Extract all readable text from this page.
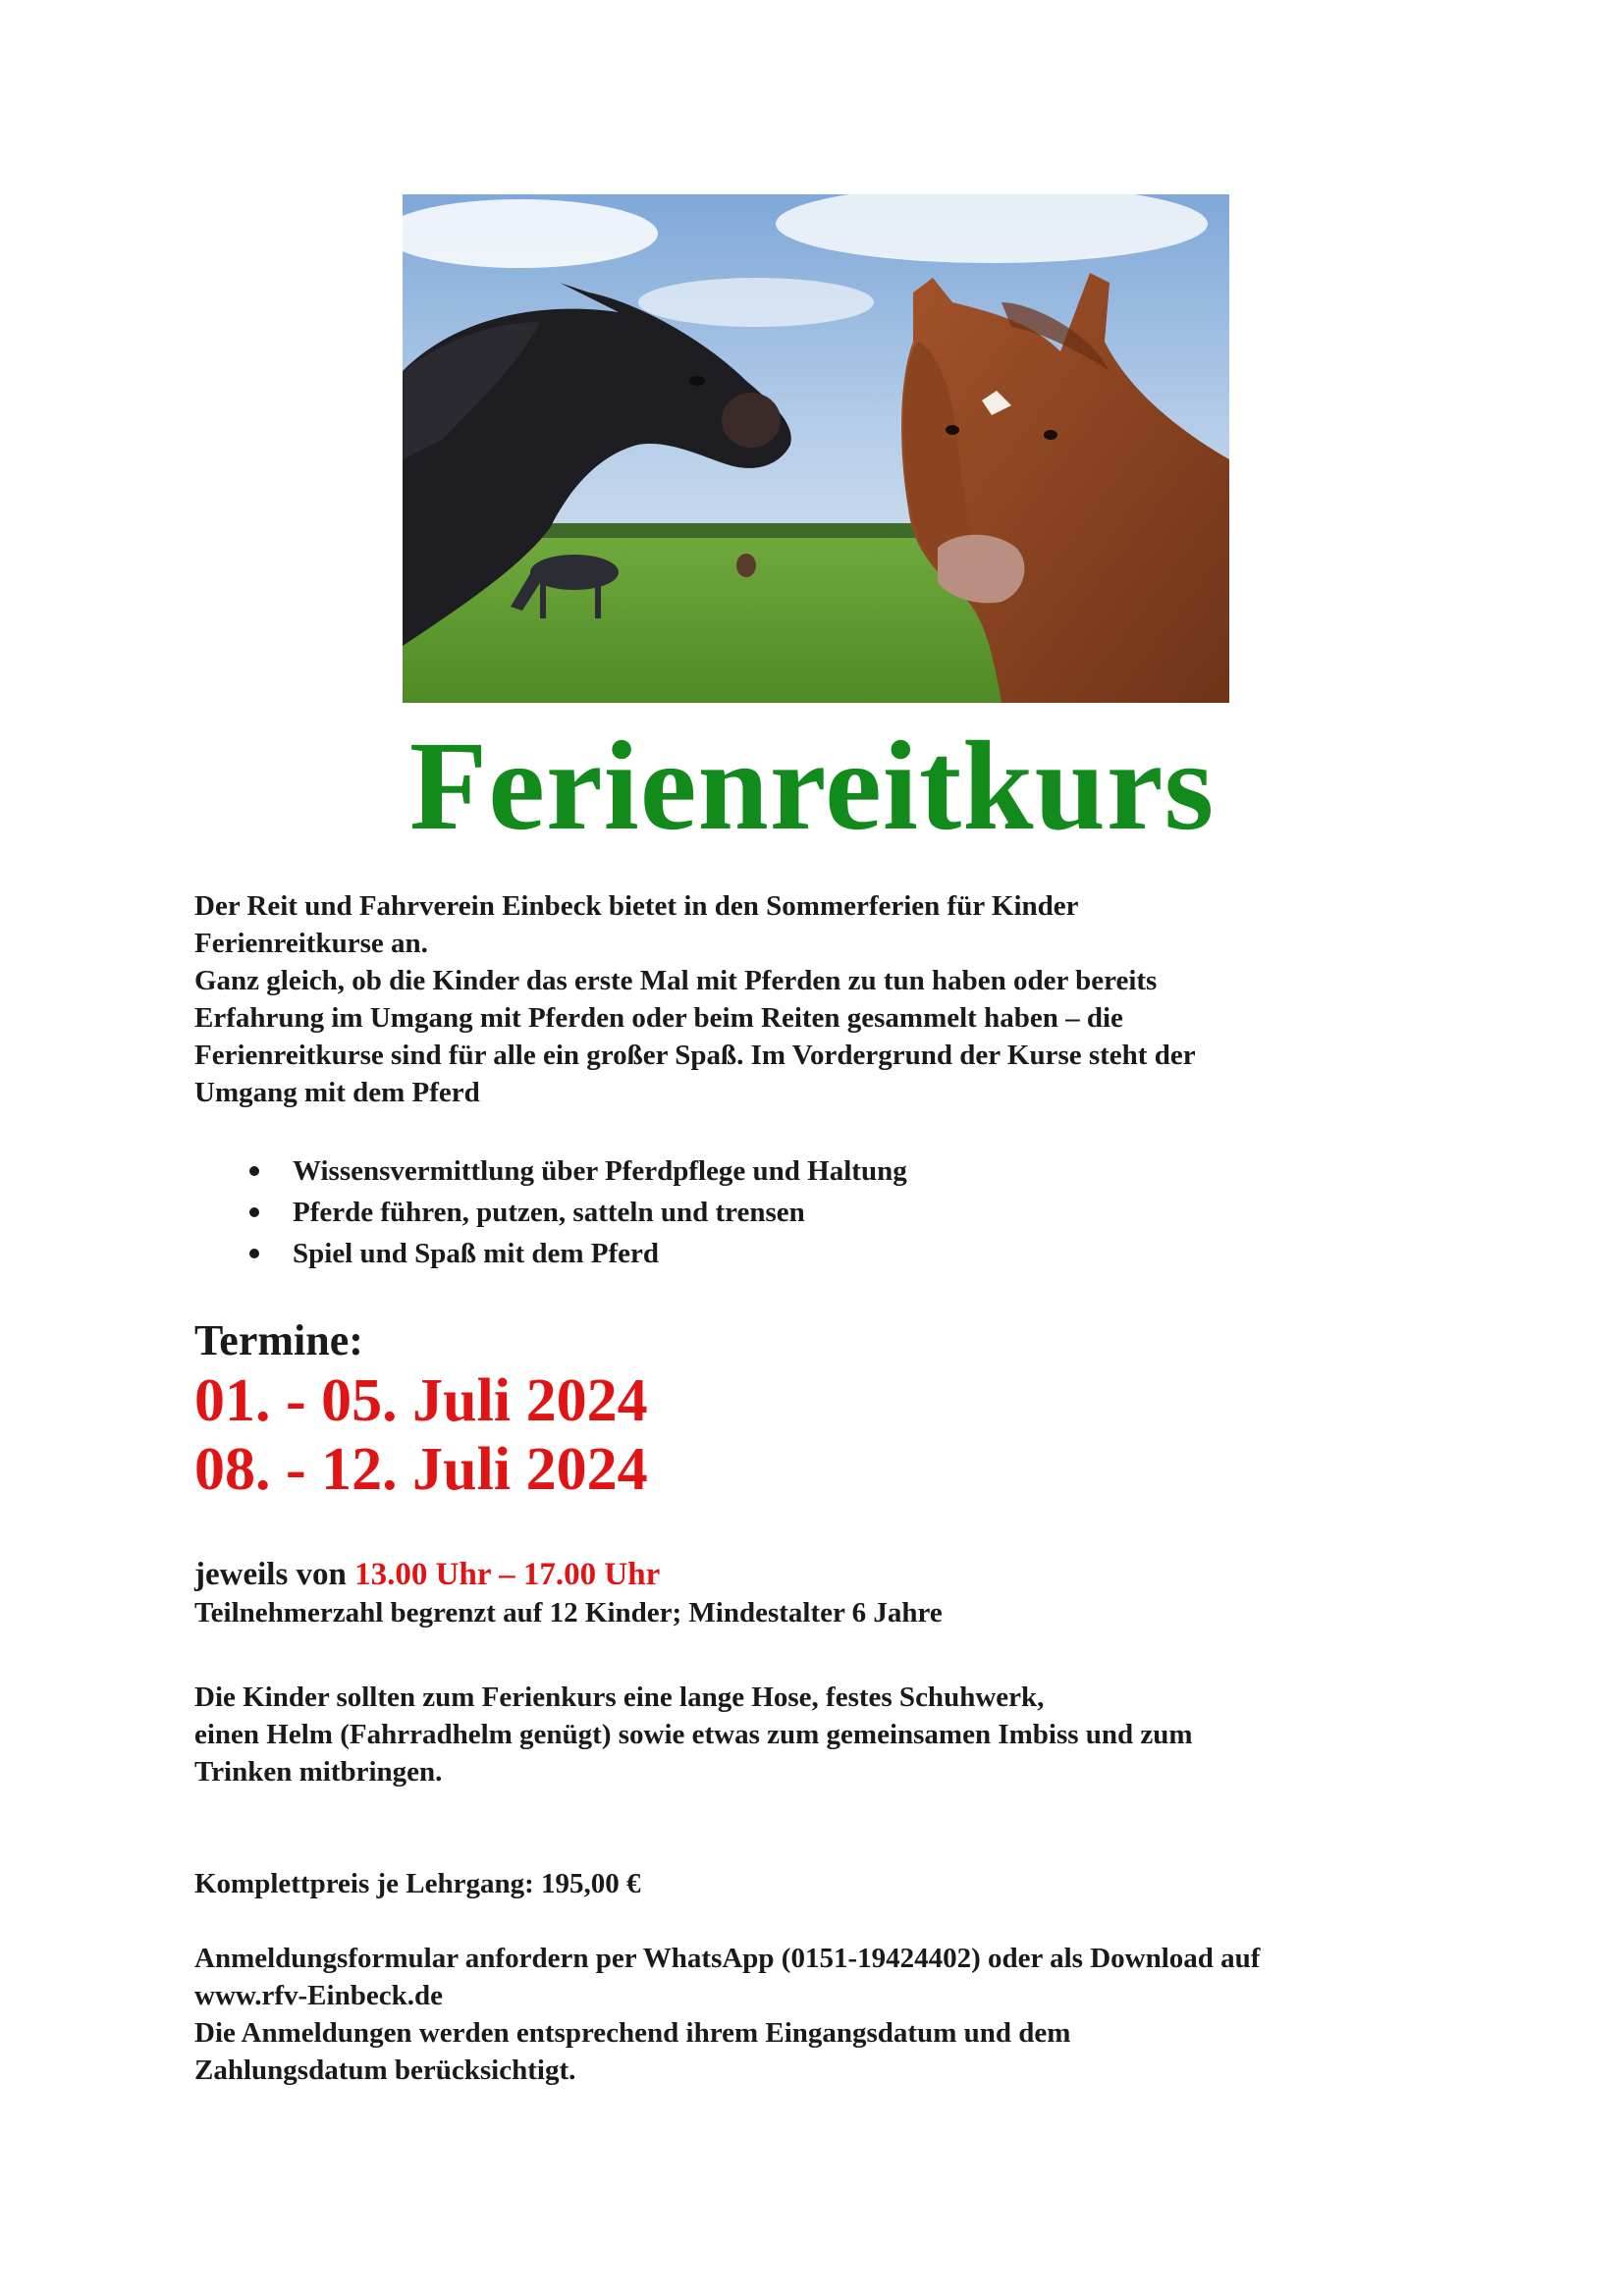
Ferienreitkurs

Der Reit und Fahrverein Einbeck bietet in den Sommerferien für Kinder

Ferienreitkurse an.

Ganz gleich, ob die Kinder das erste Mal mit Pferden zu tun haben oder bereits

Erfahrung im Umgang mit Pferden oder beim Reiten gesammelt haben – die

Ferienreitkurse sind für alle ein großer Spaß. Im Vordergrund der Kurse steht der

Umgang mit dem Pferd

Wissensvermittlung über Pferdpflege und Haltung
Pferde führen, putzen, satteln und trensen
Spiel und Spaß mit dem Pferd

Termine:

01. - 05. Juli 2024

08. - 12. Juli 2024

jeweils von 13.00 Uhr – 17.00 Uhr

Teilnehmerzahl begrenzt auf 12 Kinder; Mindestalter 6 Jahre

Die Kinder sollten zum Ferienkurs eine lange Hose, festes Schuhwerk,

einen Helm (Fahrradhelm genügt) sowie etwas zum gemeinsamen Imbiss und zum

Trinken mitbringen.

Komplettpreis je Lehrgang: 195,00 €

Anmeldungsformular anfordern per WhatsApp (0151-19424402) oder als Download auf

www.rfv-Einbeck.de

Die Anmeldungen werden entsprechend ihrem Eingangsdatum und dem

Zahlungsdatum berücksichtigt.
